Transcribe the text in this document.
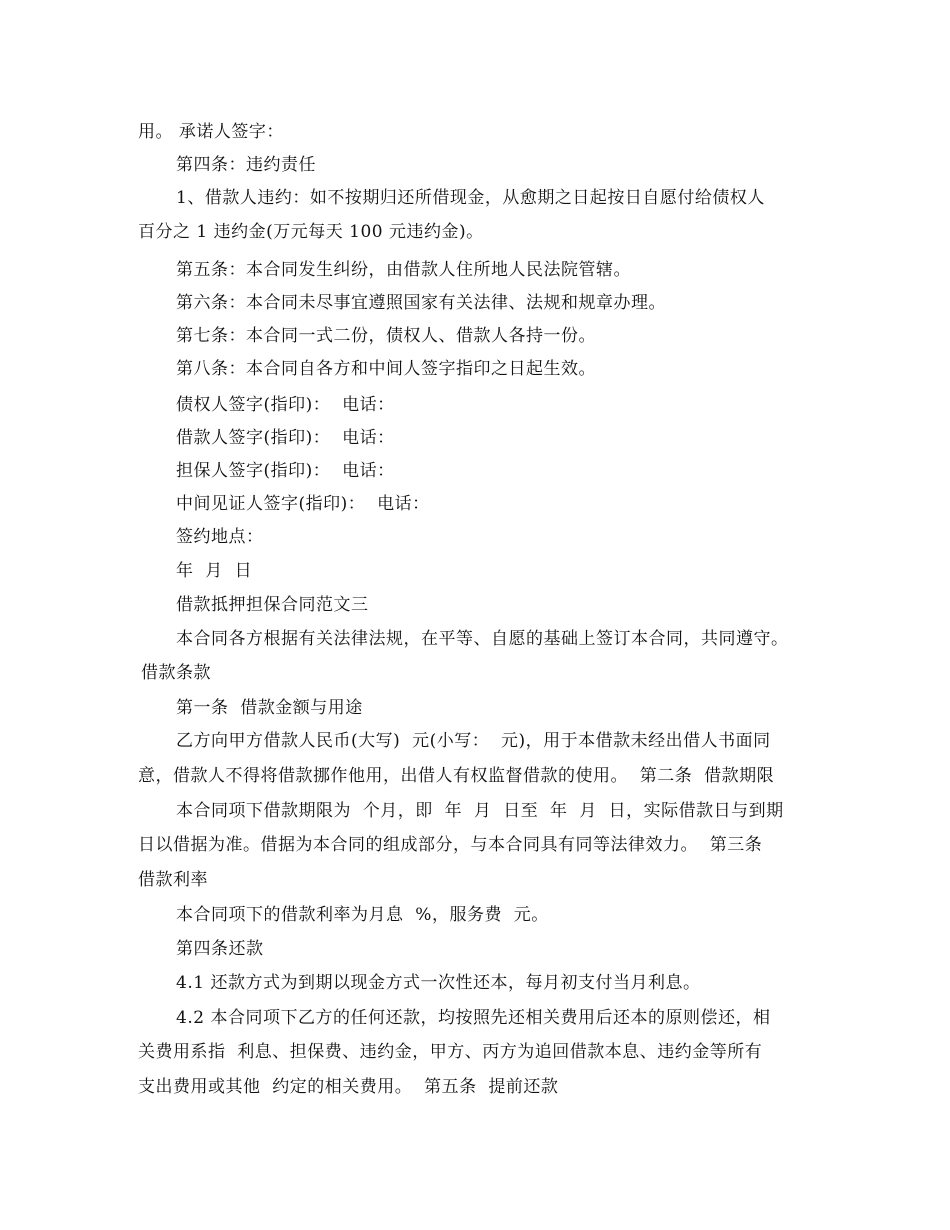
用。 承诺人签字：
第四条：违约责任
1、借款人违约：如不按期归还所借现金，从愈期之日起按日自愿付给债权人
百分之 1 违约金(万元每天 100 元违约金)。
第五条：本合同发生纠纷，由借款人住所地人民法院管辖。
第六条：本合同未尽事宜遵照国家有关法律、法规和规章办理。
第七条：本合同一式二份，债权人、借款人各持一份。
第八条：本合同自各方和中间人签字指印之日起生效。
债权人签字(指印)：  电话：
借款人签字(指印)：  电话：
担保人签字(指印)：  电话：
中间见证人签字(指印)：  电话：
签约地点：
年  月  日
借款抵押担保合同范文三
本合同各方根据有关法律法规，在平等、自愿的基础上签订本合同，共同遵守。
借款条款
第一条  借款金额与用途
乙方向甲方借款人民币(大写)  元(小写：  元)，用于本借款未经出借人书面同
意，借款人不得将借款挪作他用，出借人有权监督借款的使用。  第二条  借款期限
本合同项下借款期限为  个月，即  年  月  日至  年  月  日，实际借款日与到期
日以借据为准。借据为本合同的组成部分，与本合同具有同等法律效力。  第三条
借款利率
本合同项下的借款利率为月息  %，服务费  元。
第四条还款
4.1 还款方式为到期以现金方式一次性还本，每月初支付当月利息。
4.2 本合同项下乙方的任何还款，均按照先还相关费用后还本的原则偿还，相
关费用系指  利息、担保费、违约金，甲方、丙方为追回借款本息、违约金等所有
支出费用或其他  约定的相关费用。  第五条  提前还款
